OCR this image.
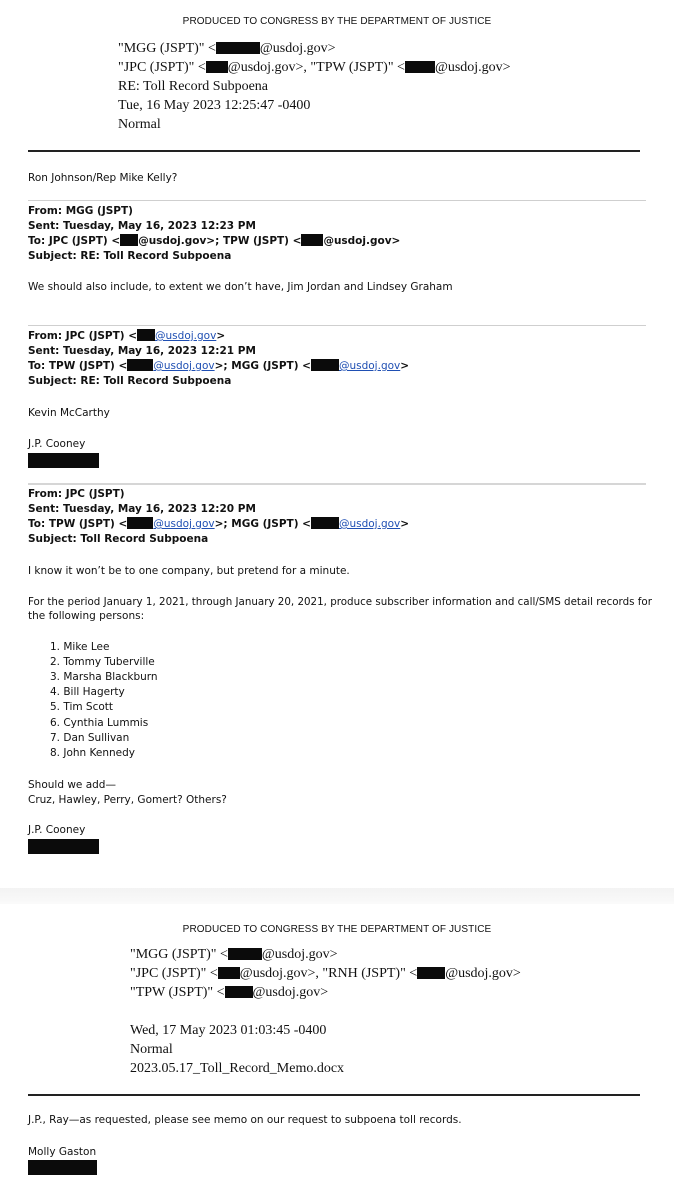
PRODUCED TO CONGRESS BY THE DEPARTMENT OF JUSTICE
"MGG (JSPT)" <	@usdoj.gov>
"JPC (JSPT)" < @usdoj.gov>, "TPW (JSPT)" < @usdoj.gov>
RE: Toll Record Subpoena
Tue, 16 May 2023 12:25:47 -0400
Normal
Ron Johnson/Rep Mike Kelly?
From: MGG (JSPT)
Sent: Tuesday, May 16, 2023 12:23 PM
To: JPC (JSPT) < @usdoj.gov>; TPW (JSPT) < @usdoj.gov>
Subject: RE: Toll Record Subpoena
We should also include, to extent we don’t have, Jim Jordan and Lindsey Graham
From: JPC (JSPT) < @usdoj.gov>
Sent: Tuesday, May 16, 2023 12:21 PM
To: TPW (JSPT) < @usdoj.gov>; MGG (JSPT) <	@usdoj.gov>
Subject: RE: Toll Record Subpoena
Kevin McCarthy
J.P. Cooney
From: JPC (JSPT)
Sent: Tuesday, May 16, 2023 12:20 PM
To: TPW (JSPT) < @usdoj.gov>; MGG (JSPT) <	@usdoj.gov>
Subject: Toll Record Subpoena
I know it won’t be to one company, but pretend for a minute.
For the period January 1, 2021, through January 20, 2021, produce subscriber information and call/SMS detail records for
the following persons:
1. Mike Lee
2. Tommy Tuberville
3. Marsha Blackburn
4. Bill Hagerty
5. Tim Scott
6. Cynthia Lummis
7. Dan Sullivan
8. John Kennedy
Should we add—
Cruz, Hawley, Perry, Gomert? Others?
J.P. Cooney
PRODUCED TO CONGRESS BY THE DEPARTMENT OF JUSTICE
"MGG (JSPT)" < @usdoj.gov>
"JPC (JSPT)" < @usdoj.gov>, "RNH (JSPT)" < @usdoj.gov>
"TPW (JSPT)" < @usdoj.gov>
Wed, 17 May 2023 01:03:45 -0400
Normal
2023.05.17_Toll_Record_Memo.docx
J.P., Ray—as requested, please see memo on our request to subpoena toll records.
Molly Gaston
